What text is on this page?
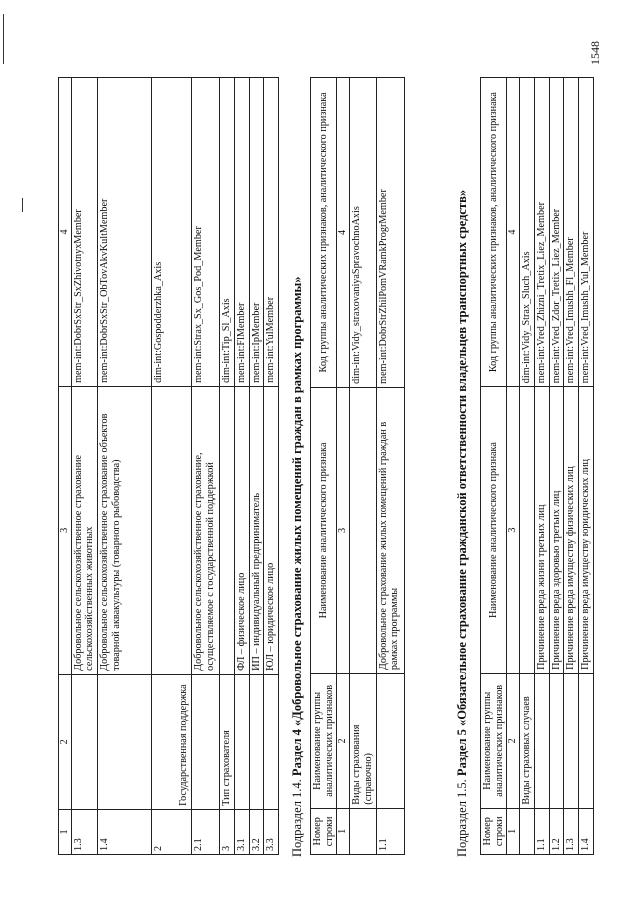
1548
1	2	3	4
1.3		Добровольное сельскохозяйственное страхование сельскохозяйственных животных	mem-int:DobrSxStr_SxZhivotnyxMember
1.4		Добровольное сельскохозяйственное страхование объектов товарной аквакультуры (товарного рыбоводства)	mem-int:DobrSxStr_ObTovAkvKultMember
2	Государственная поддержка		dim-int:Gospodderzhka_Axis
2.1		Добровольное сельскохозяйственное страхование, осуществляемое с государственной поддержкой	mem-int:Strax_Sx_Gos_Pod_Member
3	Тип страхователя		dim-int:Tip_Sl_Axis
3.1		ФЛ – физическое лицо	mem-int:FlMember
3.2		ИП – индивидуальный предприниматель	mem-int:IpMember
3.3		ЮЛ – юридическое лицо	mem-int:YulMember
Подраздел 1.4. Раздел 4 «Добровольное страхование жилых помещений граждан в рамках программы»
Номер строки	Наименование группы аналитических признаков	Наименование аналитического признака	Код группы аналитических признаков, аналитического признака
1	2	3	4
	Виды страхования (справочно)		dim-int:Vidy_straxovaniyaSpravochnoAxis
1.1		Добровольное страхование жилых помещений граждан в рамках программы	mem-int:DobrStrZhilPomVRamkProgrMember
Подраздел 1.5. Раздел 5 «Обязательное страхование гражданской ответственности владельцев транспортных средств»
Номер строки	Наименование группы аналитических признаков	Наименование аналитического признака	Код группы аналитических признаков, аналитического признака
1	2	3	4
	Виды страховых случаев		dim-int:Vidy_Strax_Sluch_Axis
1.1		Причинение вреда жизни третьих лиц	mem-int:Vred_Zhizni_Tretix_Liez_Member
1.2		Причинение вреда здоровью третьих лиц	mem-int:Vred_Zdor_Tretix_Liez_Member
1.3		Причинение вреда имуществу физических лиц	mem-int:Vred_Imushh_Fl_Member
1.4		Причинение вреда имуществу юридических лиц	mem-int:Vred_Imushh_Yul_Member
